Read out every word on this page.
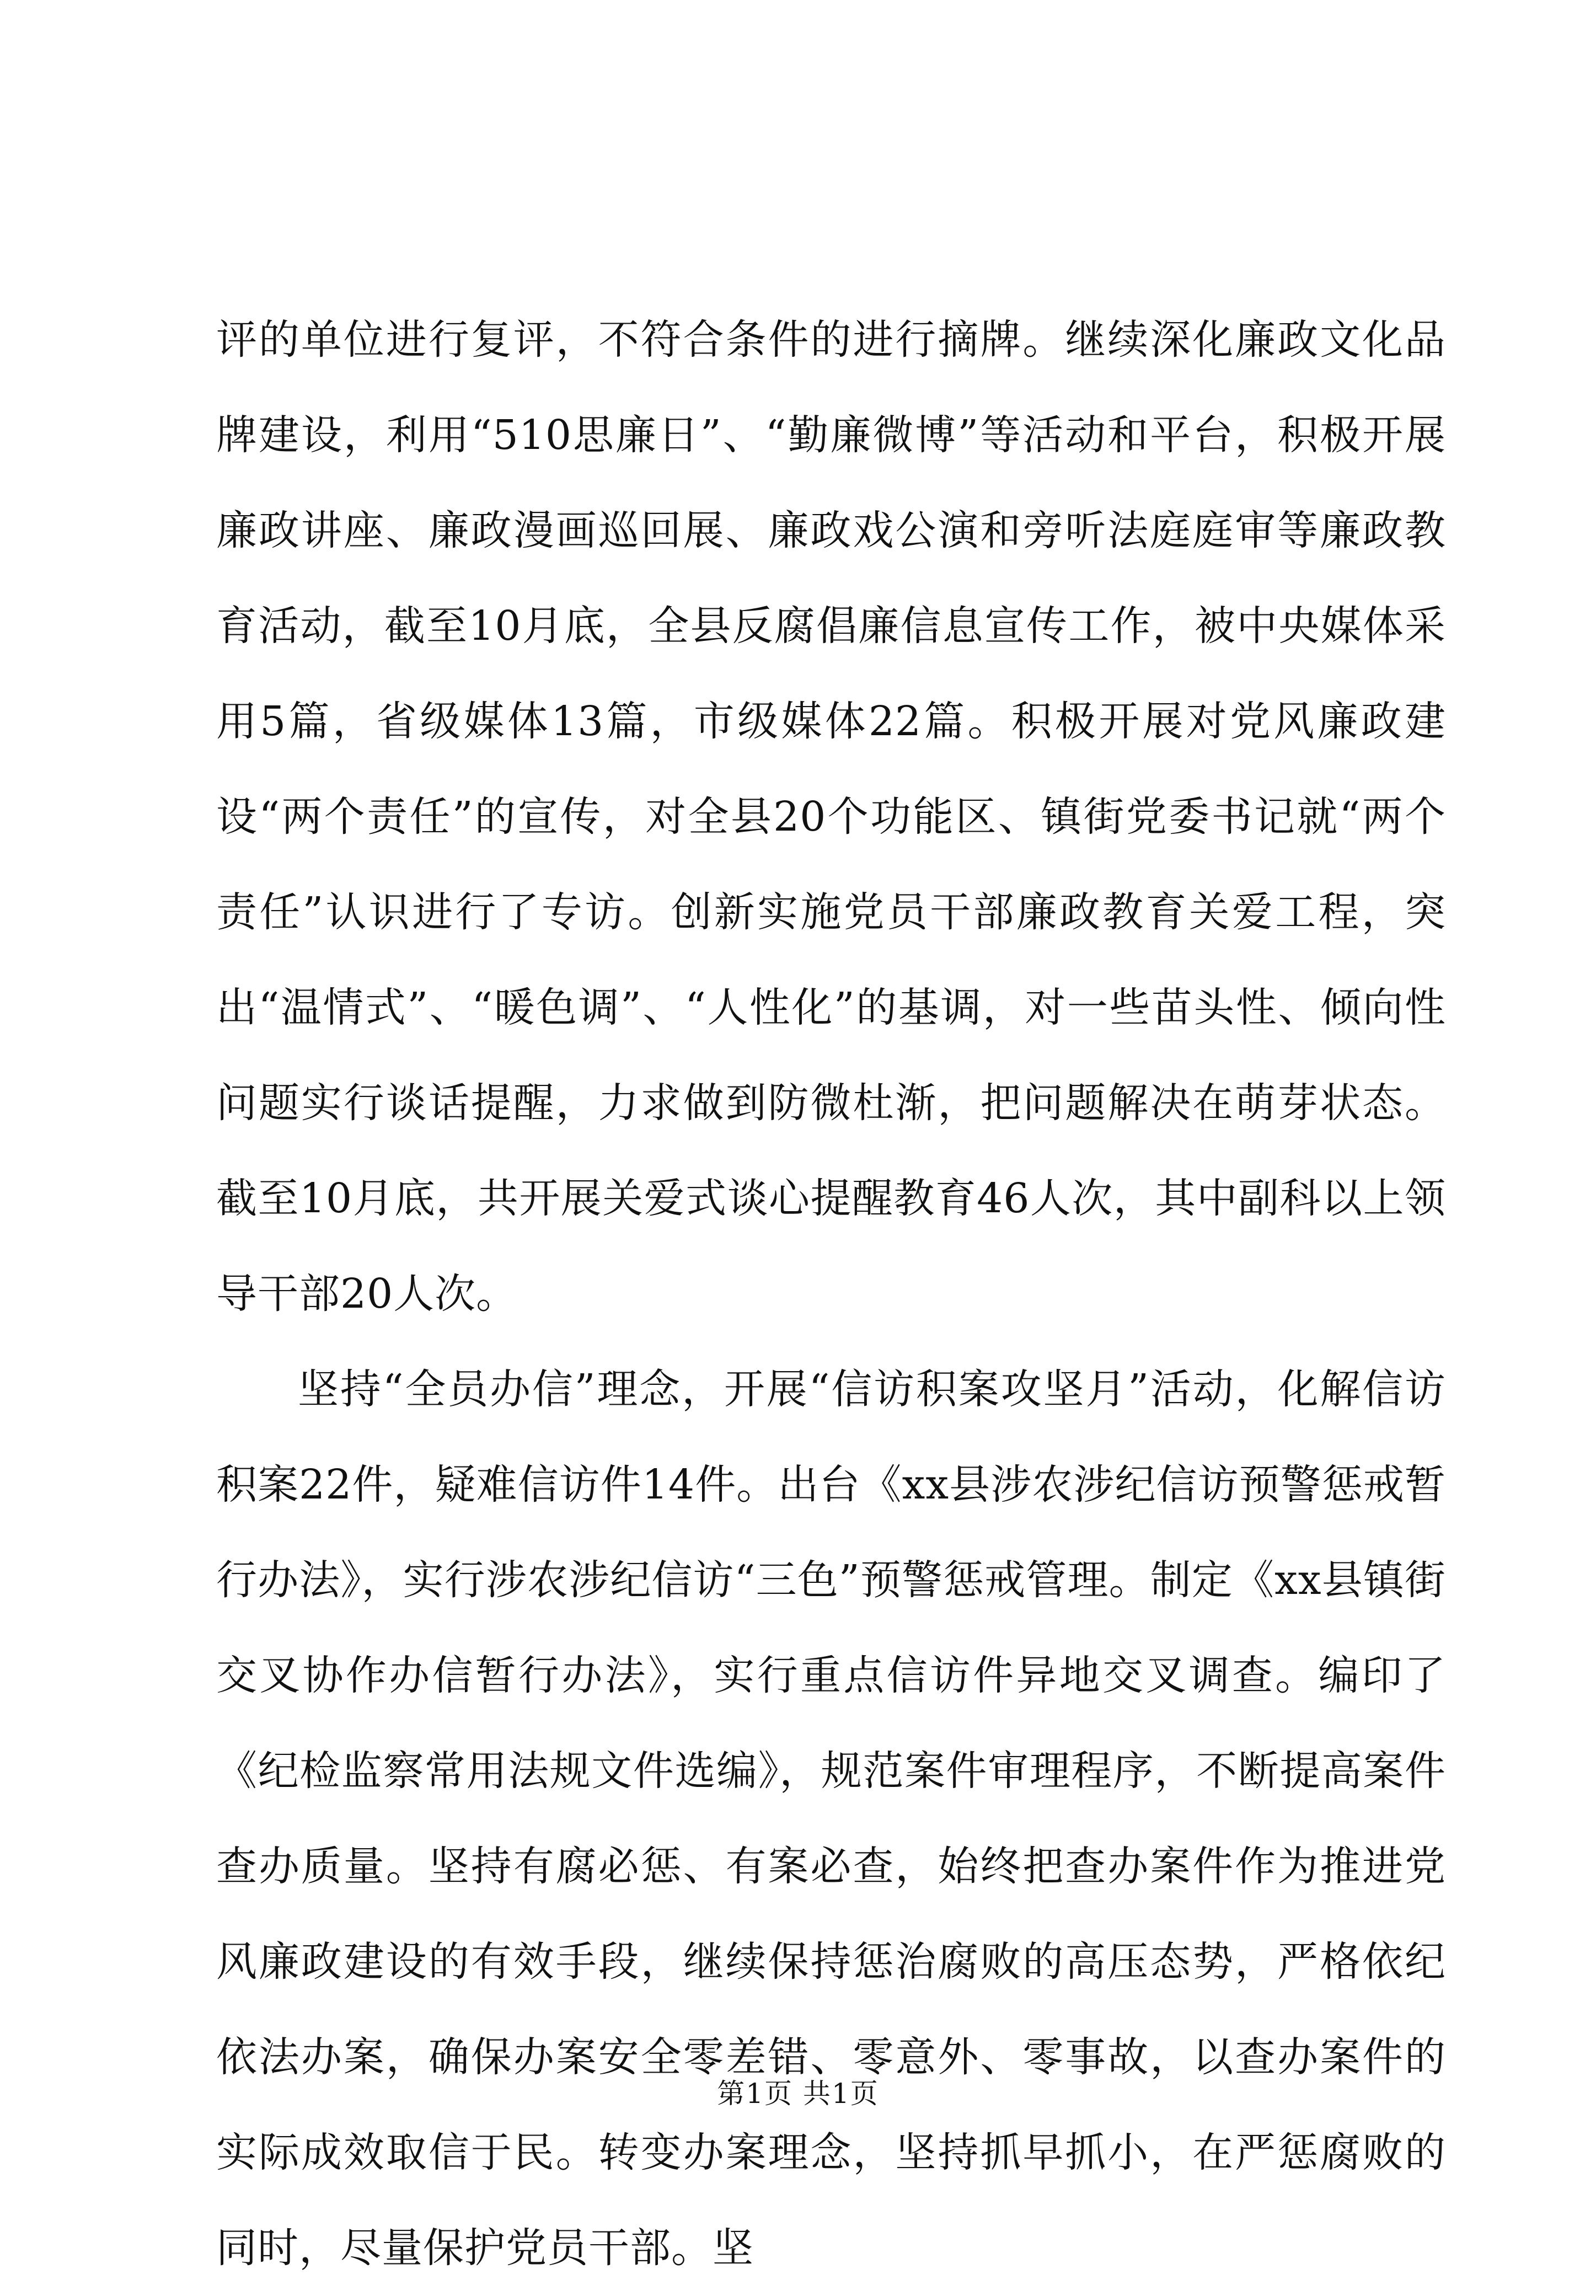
评的单位进行复评，不符合条件的进行摘牌。继续深化廉政文化品牌建设，利用“510思廉日”、“勤廉微博”等活动和平台，积极开展廉政讲座、廉政漫画巡回展、廉政戏公演和旁听法庭庭审等廉政教育活动，截至10月底，全县反腐倡廉信息宣传工作，被中央媒体采用5篇，省级媒体13篇，市级媒体22篇。积极开展对党风廉政建设“两个责任”的宣传，对全县20个功能区、镇街党委书记就“两个责任”认识进行了专访。创新实施党员干部廉政教育关爱工程，突出“温情式”、“暖色调”、“人性化”的基调，对一些苗头性、倾向性问题实行谈话提醒，力求做到防微杜渐，把问题解决在萌芽状态。截至10月底，共开展关爱式谈心提醒教育46人次，其中副科以上领导干部20人次。

坚持“全员办信”理念，开展“信访积案攻坚月”活动，化解信访积案22件，疑难信访件14件。出台《xx县涉农涉纪信访预警惩戒暂行办法》，实行涉农涉纪信访“三色”预警惩戒管理。制定《xx县镇街交叉协作办信暂行办法》，实行重点信访件异地交叉调查。编印了《纪检监察常用法规文件选编》，规范案件审理程序，不断提高案件查办质量。坚持有腐必惩、有案必查，始终把查办案件作为推进党风廉政建设的有效手段，继续保持惩治腐败的高压态势，严格依纪依法办案，确保办案安全零差错、零意外、零事故，以查办案件的实际成效取信于民。转变办案理念，坚持抓早抓小，在严惩腐败的同时，尽量保护党员干部。坚

第1页 共1页
